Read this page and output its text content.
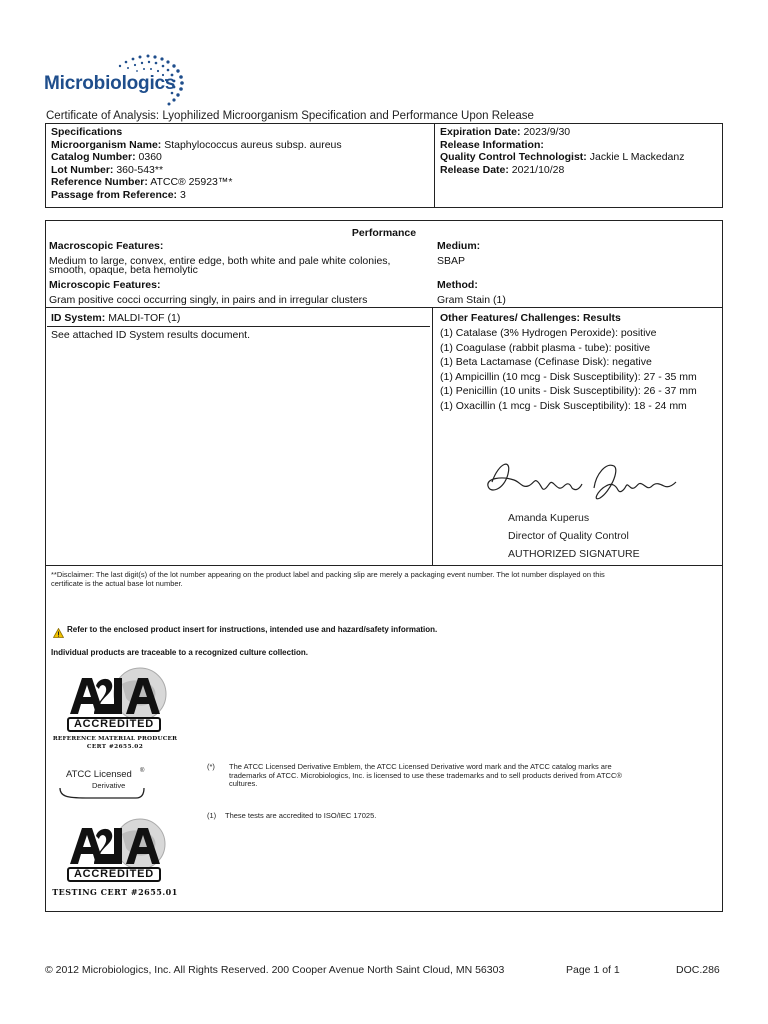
Microbiologics
Certificate of Analysis: Lyophilized Microorganism Specification and Performance Upon Release
Specifications
Microorganism Name: Staphylococcus aureus subsp. aureus
Catalog Number: 0360
Lot Number: 360-543**
Reference Number: ATCC® 25923™*
Passage from Reference: 3
Expiration Date: 2023/9/30
Release Information:
Quality Control Technologist: Jackie L Mackedanz
Release Date: 2021/10/28
Performance
Macroscopic Features:
Medium to large, convex, entire edge, both white and pale white colonies,
smooth, opaque, beta hemolytic
Medium:
SBAP
Microscopic Features:
Gram positive cocci occurring singly, in pairs and in irregular clusters
Method:
Gram Stain (1)
ID System: MALDI-TOF (1)
See attached ID System results document.
Other Features/ Challenges: Results
(1) Catalase (3% Hydrogen Peroxide): positive
(1) Coagulase (rabbit plasma - tube): positive
(1) Beta Lactamase (Cefinase Disk): negative
(1) Ampicillin (10 mcg - Disk Susceptibility): 27 - 35 mm
(1) Penicillin (10 units - Disk Susceptibility): 26 - 37 mm
(1) Oxacillin (1 mcg - Disk Susceptibility): 18 - 24 mm
Amanda Kuperus
Director of Quality Control
AUTHORIZED SIGNATURE
**Disclaimer: The last digit(s) of the lot number appearing on the product label and packing slip are merely a packaging event number. The lot number displayed on this
certificate is the actual base lot number.
Refer to the enclosed product insert for instructions, intended use and hazard/safety information.
Individual products are traceable to a recognized culture collection.
ACCREDITED
REFERENCE MATERIAL PRODUCER
CERT #2655.02
ATCC Licensed
Derivative
®	(*) The ATCC Licensed Derivative Emblem, the ATCC Licensed Derivative word mark and the ATCC catalog marks are
trademarks of ATCC. Microbiologics, Inc. is licensed to use these trademarks and to sell products derived from ATCC®
cultures.
(1) These tests are accredited to ISO/IEC 17025.
ACCREDITED
TESTING CERT #2655.01
© 2012 Microbiologics, Inc. All Rights Reserved. 200 Cooper Avenue North Saint Cloud, MN 56303	Page 1 of 1	DOC.286
